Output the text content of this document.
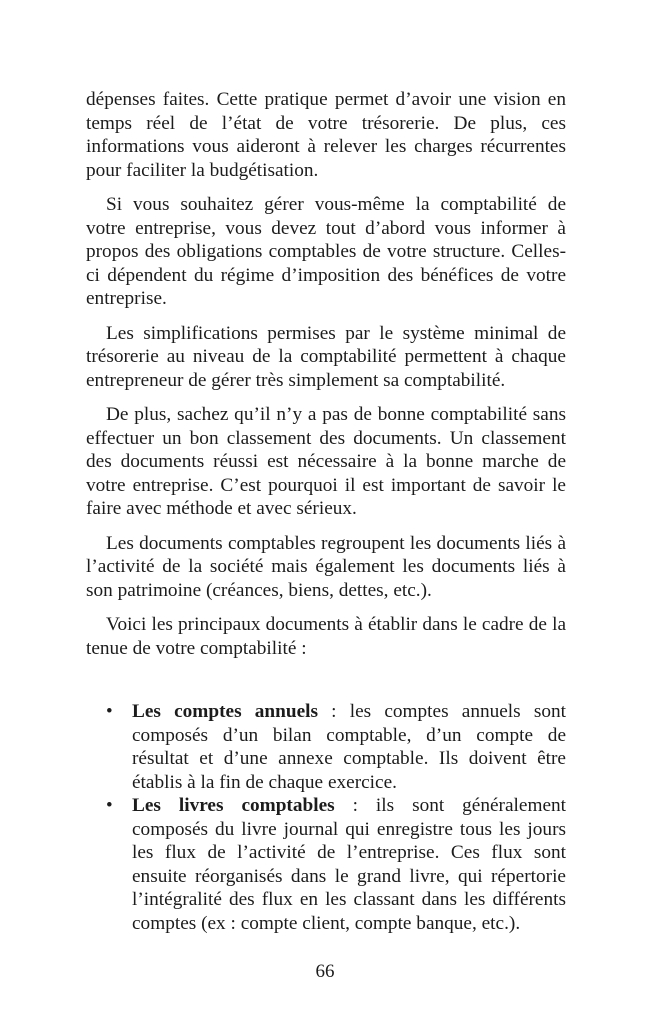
dépenses faites. Cette pratique permet d’avoir une vision en temps réel de l’état de votre trésorerie. De plus, ces informations vous aideront à relever les charges récurrentes pour faciliter la budgétisation.

Si vous souhaitez gérer vous-même la comptabilité de votre entreprise, vous devez tout d’abord vous informer à propos des obligations comptables de votre structure. Celles-ci dépendent du régime d’imposition des bénéfices de votre entreprise.

Les simplifications permises par le système minimal de trésorerie au niveau de la comptabilité permettent à chaque entrepreneur de gérer très simplement sa comptabilité.

De plus, sachez qu’il n’y a pas de bonne comptabilité sans effectuer un bon classement des documents. Un classement des documents réussi est nécessaire à la bonne marche de votre entreprise. C’est pourquoi il est important de savoir le faire avec méthode et avec sérieux.

Les documents comptables regroupent les documents liés à l’activité de la société mais également les documents liés à son patrimoine (créances, biens, dettes, etc.).

Voici les principaux documents à établir dans le cadre de la tenue de votre comptabilité :

• Les comptes annuels : les comptes annuels sont composés d’un bilan comptable, d’un compte de résultat et d’une annexe comptable. Ils doivent être établis à la fin de chaque exercice.
• Les livres comptables : ils sont généralement composés du livre journal qui enregistre tous les jours les flux de l’activité de l’entreprise. Ces flux sont ensuite réorganisés dans le grand livre, qui répertorie l’intégralité des flux en les classant dans les différents comptes (ex : compte client, compte banque, etc.).
66
